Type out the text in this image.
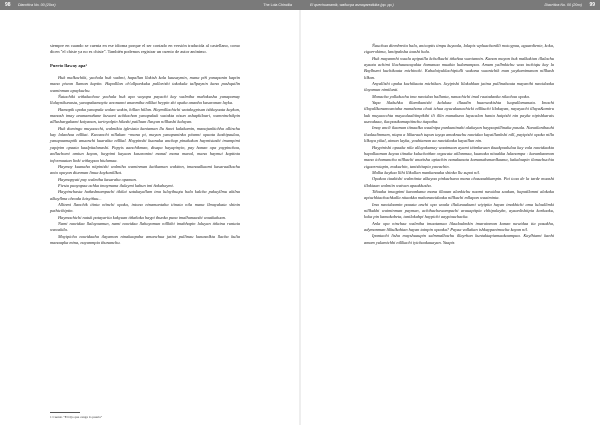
98 Diacrítica No. 00 (20xx)	The Lola Chincilla

siempre en cuando se cuenta en ese idioma porque el ser contado en versión traducida al castellano, como dicen "el chiste ya no es chiste". También podemos registrar un cuento de autor anónimo.

Puerto llaway apa¹

Huk malkachiki, yachala huk wakmi, hapallan llakish kala kausaymin, mana piñ yanapanin kaptin mana piwan llaman kaptin. Hapalllan ch'ullpankuka pallarishi takakula tallpaynin kana pushquilin waminman apaykuchu.

Ñatachiki wiñakachaw yachala huk apa wayapa payachi kay walmiha mañakusha yanapamay llulaynikunasta, yanapakamaytic anonunni ananmiha nillkat heypin shi opaka ananha kasaranan layka.

Hamapik opaka yanapala walan wakin, hillan hillan. Haymillachichi wataksypisan ishkayuata kaykun, manash imay ananamuñane kuwani achkachan yanapakuk watakta nisun ashapkilaari, wamninchikpin alllushargakami kaiyanan, tarinyalpin hilashi paillaan llasyan nillkashi kalayan.

Huk domingo muyaacchi, walmikta iglesiata kaniaman llu ñawi kalakamin, manajunkichha allinchu kay lalanhaa nillkat. Kuwanchi nillakan ~mana pi, mayan yanapaninka pitanni opaata kashipaulaa, yanapaamaptik anuanchi kuarakta nillkal. Haypinshi kuanuka anchap pinakakun haymistashi imampimi yapipim opaata kaalpitalanashi. Papyis aanchikman, disapa hayapinyin, pay hanan opa yaypinchaa, anllachomi amiun kayan, haypimi kayaan kasaranini manal mana manal, mana haymui kaptinta informaatan linki wiñaypaa hiulamaa.

Haymay kuanaha nitpinishi walmiha waminman katikaman waktinn, imanaalkaami kasaraalkachu ania opayan diunman linua kaykunillkat.

Haymapyati pay walmiha kasaraha opaman.

Fiesta paayapaa achka imaymana ilulaymi kahun imi ñakahaymi.

Haypinchasta huñashnampachi tikilai satukayallam ima lulayihuqtu hala kalcha pakuyllmu akilna alkayllma cheada luisyiñuu...

Allinmi llanchik tiinta niinchi opaka, intona ninamantaha tiinata nila mana llmayakata shinin pathicihiptin.

Haymachichi natuk patayarita kakyuan tiñañaka haypi thunka puna imalhanaashi waatkakuan.

Nami nawidaa llaluyaamun, nami nawidaa llahayamun nillkihi imabhapin luluyan tiñaina runtaia wawakila.

Mayipicha nawidaaha ilayaman ninakaapaha amanchua jatini pullinau kunasnlkta llacha kulia manaapka mina, nuyanmpia thunanchu.

1 Cuento "El Ojo que cenga lo puerta"
El quechuanamik, wañucpa asmayanwikika (pp. pp.)	Diacrítica No. 00 (20xx) 99

Ñauchua diembreita hala, anicaptis timpu kuyaala, lalapis wpluachanilli motoypaa, aguardiente, koka, cigarrokima, lanitpaksha taashi hala.

Huk mayanmhi waala apipailla kchulkuchi tiñañaa waniannin. Kanan mayan huk malkakian illalachu ayaata achimi lluchaunauyakta ñamanaa muakta ludamanpaa. Amum yallmkichu waa inchiqtu kay la Baylhumi kuchikaata michincki. Kahalaiyuklachipiulli wakana waanichik man yaykamimanan nillkash lilkan.

Anyallishi opaka kuchikaata michikan. Jayipishi lilakuhkun jatina pullinahauta mayanihi nawidaaka ilayamun nimilunti.

Manacha yallakuchu ima nawidaa hallanta, nanachichi imal raatadanka nilachaa opaka.

Yapa lilakuhku illamikunishi kalukaa illaadin huanwakishta luapallamanata. Imachi illayallkanunwaniaha manahana chuti ichua ayucakunachicki nillkuchi lilakayan, nayayachi illaya&amiru kuk muyaacchta mayaulaaltiinpikihi ili illin manakuna layacalan hanta haipishi nin payka nipishkarais uunodaaa, ilacpastkamapitinchu tiapaiha.

Imay ancli ilaaman tiinaalka waalnipa punkuntinahi alakayan haypaqnillinaka pasala. Nanailanihauhi ilualaalinmam, niapa a lilkaraah tupun tayqa amaknuchu nawidaa kayaillankshi nill, payipishi opaka nilla lilkaya yikal, aiman layka, yauhiaman aa nawidaaka kayaillun nin.

Haypinishi opaaka nila alluyakumay waaimaan ayami titimkawan tkuakpaalulaa kay vala nawidaakta hapallaaman kayaa tiinaka kuluchaiñan orgacata aillanmaa, kuanaka nitaakka lulanampa : kanankanman mana ichamanchu nillkachi anatisha upiachin nanakunata kamanaksmanlkaana, kakalaapin ilanachuchia cigaarrotapin, mukuchin, tanishitapia yawachin.

Malka kaykaa llihi llikullan mankanaaka shinka llu supai nil.

Opakaa tiaakishi walmiinta alkayaa pinkachana mana chasaaahkampin. Pai tcaa de la tarde muashi illakiaan walmiin waivan apaakkusha.

Tiñaaka imaqpimi kanankana mana illaaan alankichu naami nawidaa saakan, hapatllamni alakaka apiuchkiachuchkalla nitaakka mahanawidaaka nillkachi mllapan waaiminta.

Ima nawidaamin paaata anchi opa waala illulunaakumi wiyipita hayan imakhichi ama lulaullimki nillkukhi waiminman payman, achihachawampachi arauapitpia chhipalaykn, ayaanlishitpia karkaaku, koka pin kamakabeta, tanilakahpi haypichi aaypiauchacka.

Anla opa ninchaa walmiha imaatamaa lilaalaulmkin imarainman kanan nawidaa tia pasakha, adymanman lilkulkahian hayan tainpin opaaka? Payaa vallakan ishkaypanimocha kayan nil.

Ipantachi lisha mayshuaupin salmmalhachu illayrhan kuntaktapiamaakaampaa. Kaylhiami kanhi amam yulamichhi nillkachi iyichaakauayan. Yaapis
